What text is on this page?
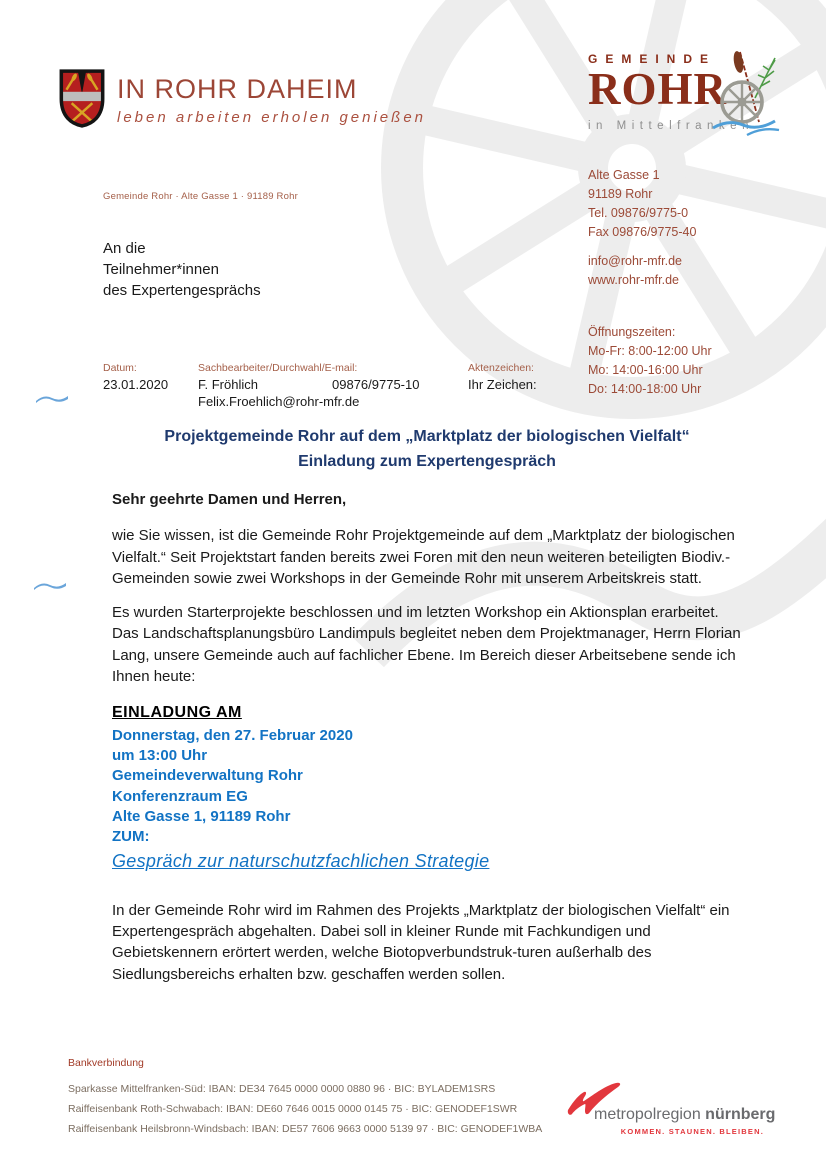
IN ROHR DAHEIM
leben arbeiten erholen genießen
GEMEINDE
ROHR
in Mittelfranken
Alte Gasse 1
91189 Rohr
Tel. 09876/9775-0
Fax 09876/9775-40
info@rohr-mfr.de
www.rohr-mfr.de
Öffnungszeiten:
Mo-Fr: 8:00-12:00 Uhr
Mo: 14:00-16:00 Uhr
Do: 14:00-18:00 Uhr
Gemeinde Rohr · Alte Gasse 1 · 91189 Rohr
An die
Teilnehmer*innen
des Expertengesprächs
Datum:	Sachbearbeiter/Durchwahl/E-mail:	Aktenzeichen:
23.01.2020 F. Fröhlich	09876/9775-10	Ihr Zeichen:
Felix.Froehlich@rohr-mfr.de
Projektgemeinde Rohr auf dem „Marktplatz der biologischen Vielfalt“
Einladung zum Expertengespräch
Sehr geehrte Damen und Herren,
wie Sie wissen, ist die Gemeinde Rohr Projektgemeinde auf dem „Marktplatz der biologischen Vielfalt.“ Seit Projektstart fanden bereits zwei Foren mit den neun weiteren beteiligten Biodiv.-Gemeinden sowie zwei Workshops in der Gemeinde Rohr mit unserem Arbeitskreis statt.
Es wurden Starterprojekte beschlossen und im letzten Workshop ein Aktionsplan erarbeitet. Das Landschaftsplanungsbüro Landimpuls begleitet neben dem Projektmanager, Herrn Florian Lang, unsere Gemeinde auch auf fachlicher Ebene. Im Bereich dieser Arbeitsebene sende ich Ihnen heute:
EINLADUNG AM
Donnerstag, den 27. Februar 2020
um 13:00 Uhr
Gemeindeverwaltung Rohr
Konferenzraum EG
Alte Gasse 1, 91189 Rohr
ZUM:
Gespräch zur naturschutzfachlichen Strategie
In der Gemeinde Rohr wird im Rahmen des Projekts „Marktplatz der biologischen Vielfalt“ ein Expertengespräch abgehalten. Dabei soll in kleiner Runde mit Fachkundigen und Gebietskennern erörtert werden, welche Biotopverbundstruk-turen außerhalb des Siedlungsbereichs erhalten bzw. geschaffen werden sollen.
Bankverbindung
Sparkasse Mittelfranken-Süd: IBAN: DE34 7645 0000 0000 0880 96 · BIC: BYLADEM1SRS
Raiffeisenbank Roth-Schwabach: IBAN: DE60 7646 0015 0000 0145 75 · BIC: GENODEF1SWR
Raiffeisenbank Heilsbronn-Windsbach: IBAN: DE57 7606 9663 0000 5139 97 · BIC: GENODEF1WBA
metropolregion nürnberg
KOMMEN. STAUNEN. BLEIBEN.
